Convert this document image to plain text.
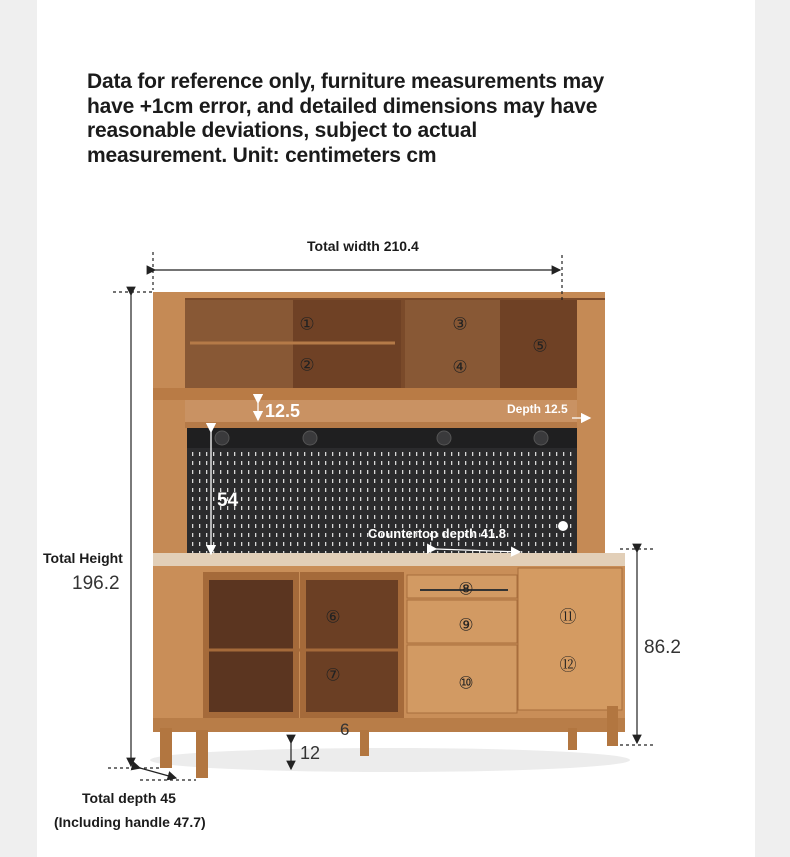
Data for reference only, furniture measurements may have +1cm error, and detailed dimensions may have reasonable deviations, subject to actual measurement. Unit: centimeters cm
Total width 210.4
Total Height
196.2
86.2
Total depth 45
(Including handle 47.7)
12
6
12.5	Depth 12.5
54
Countertop depth 41.8
①
②
③
④
⑤
⑥
⑦
⑧
⑨
⑩
⑪
⑫
